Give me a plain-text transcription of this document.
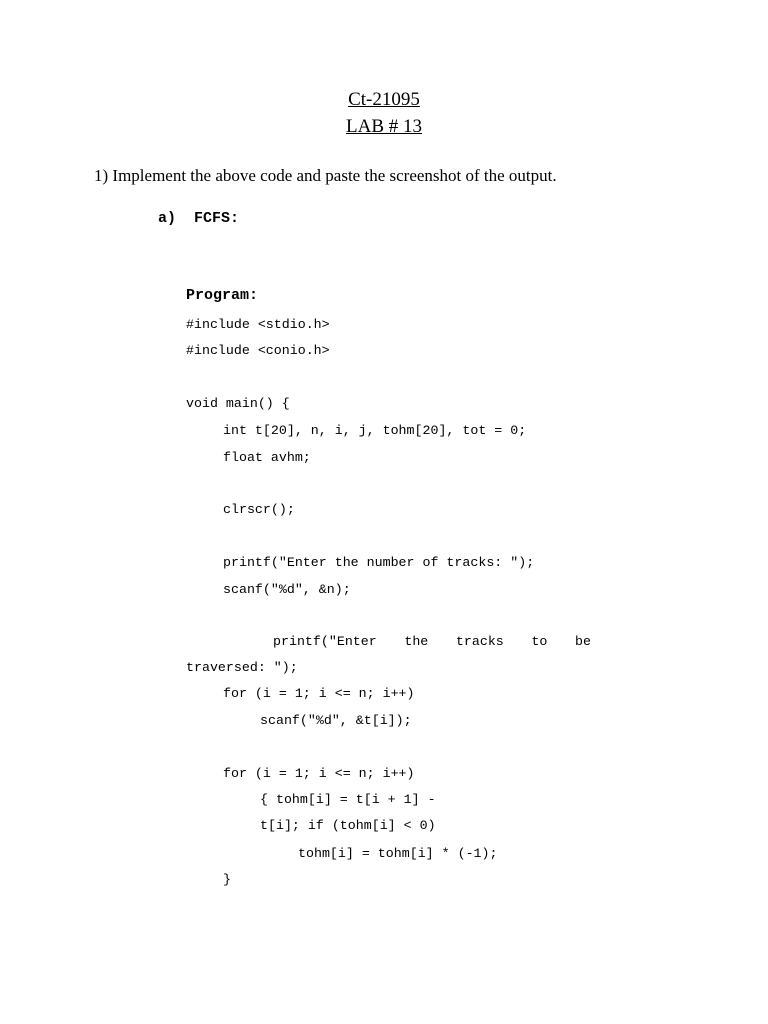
Ct-21095
LAB # 13
1) Implement the above code and paste the screenshot of the output.
a)  FCFS:
Program:
#include <stdio.h>
#include <conio.h>
void main() {
int t[20], n, i, j, tohm[20], tot = 0;
float avhm;
clrscr();
printf("Enter the number of tracks: ");
scanf("%d", &n);
printf("Enter the tracks to be
traversed: ");
for (i = 1; i <= n; i++)
scanf("%d", &t[i]);
for (i = 1; i <= n; i++)
{ tohm[i] = t[i + 1] -
t[i]; if (tohm[i] < 0)
tohm[i] = tohm[i] * (-1);
}
